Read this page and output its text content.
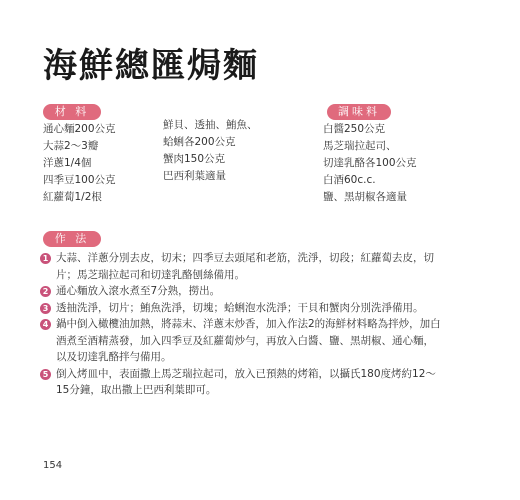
海鮮總匯焗麵
材 料	調味料
通心麵200公克
大蒜2～3瓣
洋蔥1/4個
四季豆100公克
紅蘿蔔1/2根
鮮貝、透抽、鮪魚、
蛤蜊各200公克
蟹肉150公克
巴西利葉適量
白醬250公克
馬芝瑞拉起司、
切達乳酪各100公克
白酒60c.c.
鹽、黑胡椒各適量
作 法
1 大蒜、洋蔥分別去皮，切末；四季豆去頭尾和老筋，洗淨，切段；紅蘿蔔去皮，切片；馬芝瑞拉起司和切達乳酪刨絲備用。
2 通心麵放入滾水煮至7分熟，撈出。
3 透抽洗淨，切片；鮪魚洗淨，切塊；蛤蜊泡水洗淨；干貝和蟹肉分別洗淨備用。
4 鍋中倒入橄欖油加熱，將蒜末、洋蔥末炒香，加入作法2的海鮮材料略為拌炒，加白酒煮至酒精蒸發，加入四季豆及紅蘿蔔炒勻，再放入白醬、鹽、黑胡椒、通心麵，以及切達乳酪拌勻備用。
5 倒入烤皿中，表面撒上馬芝瑞拉起司，放入已預熱的烤箱，以攝氏180度烤約12～15分鐘，取出撒上巴西利葉即可。
154
